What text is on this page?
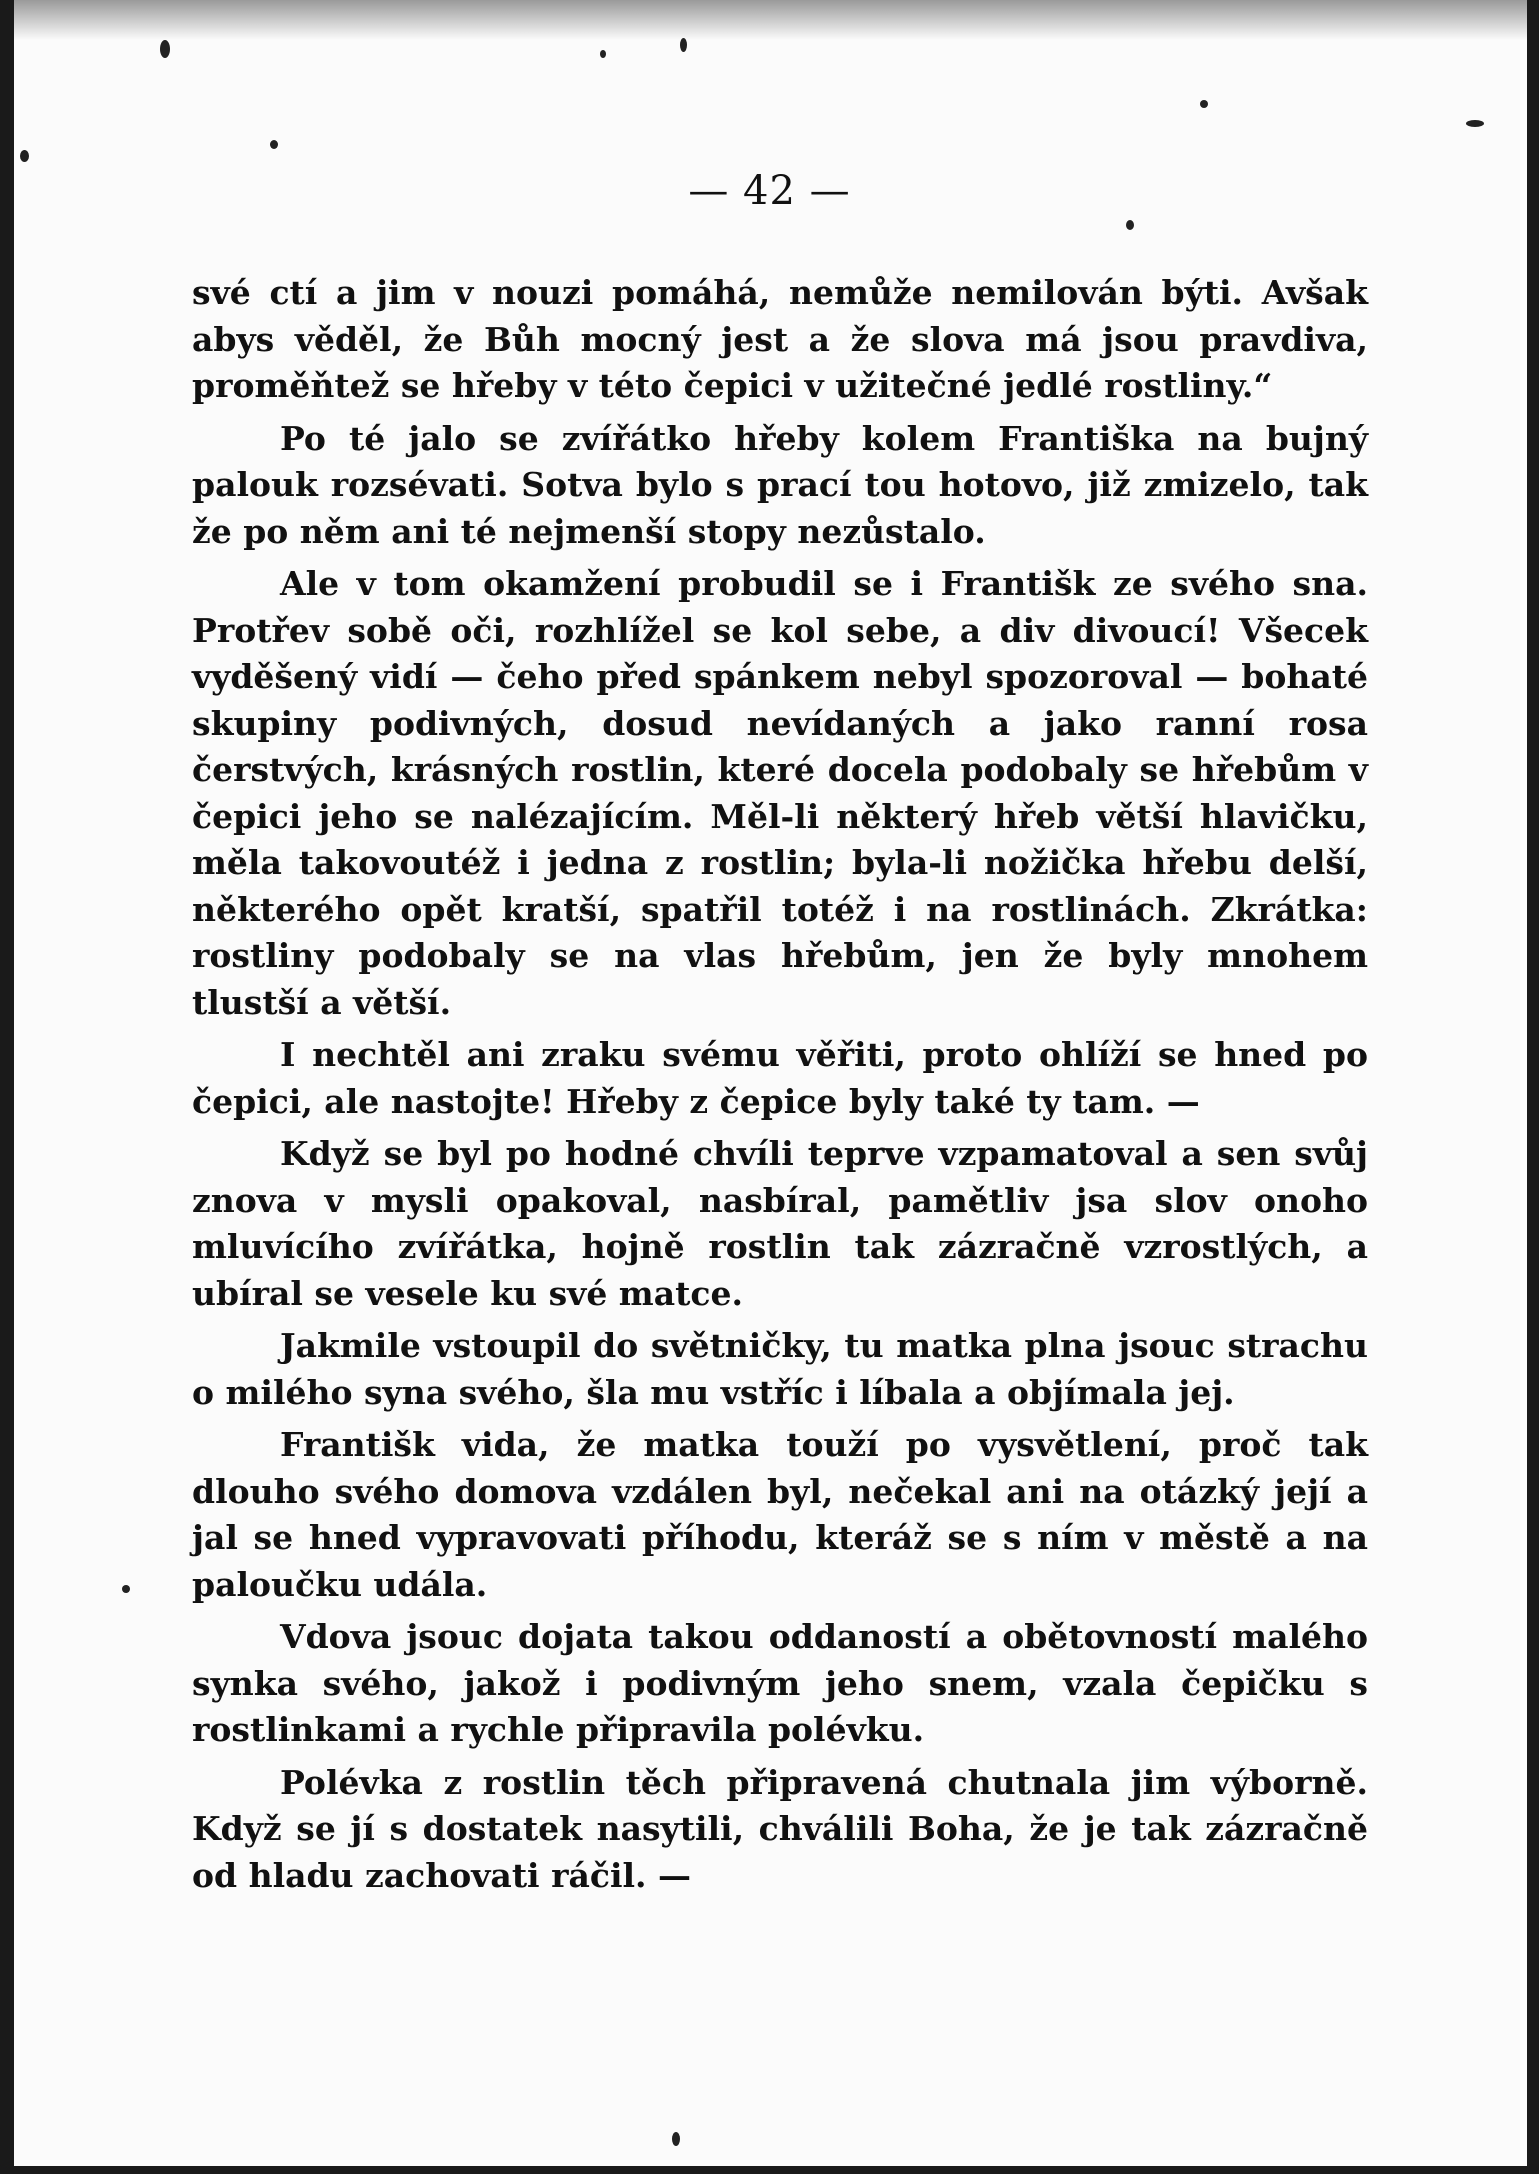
— 42 —

své ctí a jim v nouzi pomáhá, nemůže nemilován býti. Avšak abys věděl, že Bůh mocný jest a že slova má jsou pravdiva, proměňtež se hřeby v této čepici v užitečné jedlé rostliny.“

Po té jalo se zvířátko hřeby kolem Františka na bujný palouk rozsévati. Sotva bylo s prací tou hotovo, již zmizelo, tak že po něm ani té nejmenší stopy nezůstalo.

Ale v tom okamžení probudil se i Františk ze svého sna. Protřev sobě oči, rozhlížel se kol sebe, a div divoucí! Všecek vyděšený vidí — čeho před spánkem nebyl spozoroval — bohaté skupiny podivných, dosud nevídaných a jako ranní rosa čerstvých, krásných rostlin, které docela podobaly se hřebům v čepici jeho se nalézajícím. Měl-li některý hřeb větší hlavičku, měla takovoutéž i jedna z rostlin; byla-li nožička hřebu delší, některého opět kratší, spatřil totéž i na rostlinách. Zkrátka: rostliny podobaly se na vlas hřebům, jen že byly mnohem tlustší a větší.

I nechtěl ani zraku svému věřiti, proto ohlíží se hned po čepici, ale nastojte! Hřeby z čepice byly také ty tam. —

Když se byl po hodné chvíli teprve vzpamatoval a sen svůj znova v mysli opakoval, nasbíral, pamětliv jsa slov onoho mluvícího zvířátka, hojně rostlin tak zázračně vzrostlých, a ubíral se vesele ku své matce.

Jakmile vstoupil do světničky, tu matka plna jsouc strachu o milého syna svého, šla mu vstříc i líbala a objímala jej.

Františk vida, že matka touží po vysvětlení, proč tak dlouho svého domova vzdálen byl, nečekal ani na otázký její a jal se hned vypravovati příhodu, kteráž se s ním v městě a na paloučku udála.

Vdova jsouc dojata takou oddaností a obětovností malého synka svého, jakož i podivným jeho snem, vzala čepičku s rostlinkami a rychle připravila polévku.

Polévka z rostlin těch připravená chutnala jim výborně. Když se jí s dostatek nasytili, chválili Boha, že je tak zázračně od hladu zachovati ráčil. —
